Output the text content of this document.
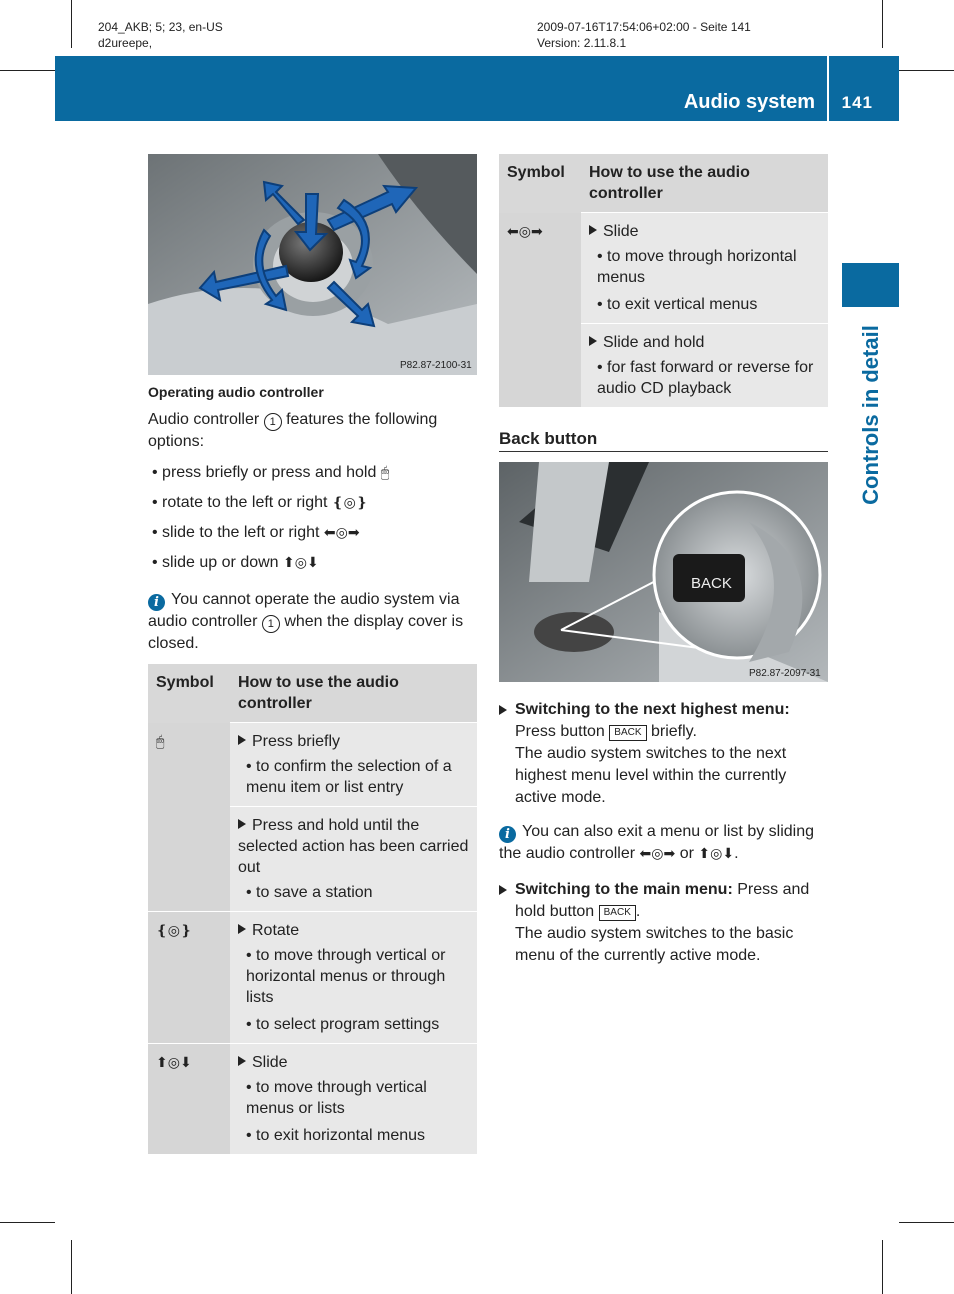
204_AKB; 5; 23, en-US
d2ureepe,
2009-07-16T17:54:06+02:00 - Seite 141
Version: 2.11.8.1
Audio system 141
Controls in detail
P82.87-2100-31
Operating audio controller
Audio controller 1 features the following options:
• press briefly or press and hold 🖱
• rotate to the left or right ❴◎❵
• slide to the left or right ⬅◎➡
• slide up or down ⬆◎⬇
i You cannot operate the audio system via audio controller 1 when the display cover is closed.
Symbol	How to use the audio controller
🖱	Press briefly
• to confirm the selection of a menu item or list entry

	Press and hold until the selected action has been carried out
• to save a station

❴◎❵	Rotate
• to move through vertical or horizontal menus or through lists
• to select program settings

⬆◎⬇	Slide
• to move through vertical menus or lists
• to exit horizontal menus
Symbol	How to use the audio controller
⬅◎➡	Slide
• to move through horizontal menus
• to exit vertical menus

	Slide and hold
• for fast forward or reverse for audio CD playback
Back button
BACK
P82.87-2097-31
Switching to the next highest menu: Press button BACK briefly.
The audio system switches to the next highest menu level within the currently active mode.
i You can also exit a menu or list by sliding the audio controller ⬅◎➡ or ⬆◎⬇.
Switching to the main menu: Press and hold button BACK .
The audio system switches to the basic menu of the currently active mode.
